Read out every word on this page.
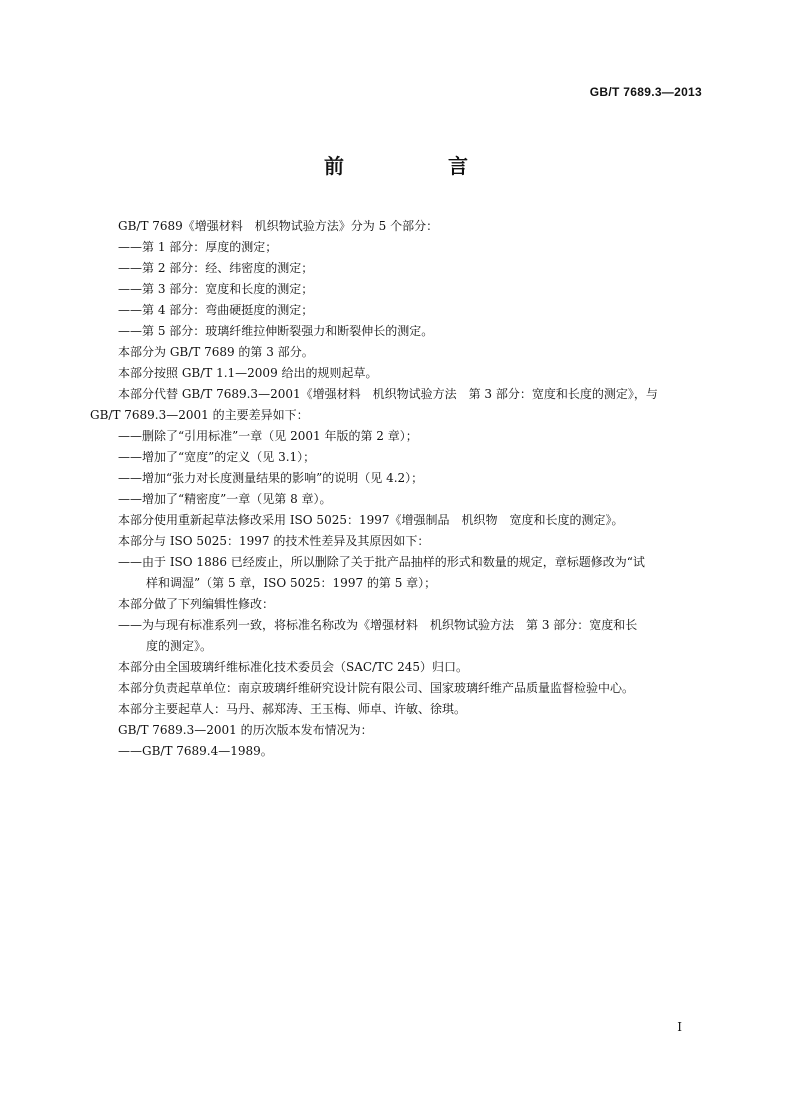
GB/T 7689.3—2013
前　言
GB/T 7689《增强材料　机织物试验方法》分为 5 个部分：
——第 1 部分：厚度的测定；
——第 2 部分：经、纬密度的测定；
——第 3 部分：宽度和长度的测定；
——第 4 部分：弯曲硬挺度的测定；
——第 5 部分：玻璃纤维拉伸断裂强力和断裂伸长的测定。
本部分为 GB/T 7689 的第 3 部分。
本部分按照 GB/T 1.1—2009 给出的规则起草。
本部分代替 GB/T 7689.3—2001《增强材料　机织物试验方法　第 3 部分：宽度和长度的测定》，与
GB/T 7689.3—2001 的主要差异如下：
——删除了“引用标准”一章（见 2001 年版的第 2 章）；
——增加了“宽度”的定义（见 3.1）；
——增加“张力对长度测量结果的影响”的说明（见 4.2）；
——增加了“精密度”一章（见第 8 章）。
本部分使用重新起草法修改采用 ISO 5025：1997《增强制品　机织物　宽度和长度的测定》。
本部分与 ISO 5025：1997 的技术性差异及其原因如下：
——由于 ISO 1886 已经废止，所以删除了关于批产品抽样的形式和数量的规定，章标题修改为“试
样和调湿”（第 5 章，ISO 5025：1997 的第 5 章）；
本部分做了下列编辑性修改：
——为与现有标准系列一致，将标准名称改为《增强材料　机织物试验方法　第 3 部分：宽度和长
度的测定》。
本部分由全国玻璃纤维标准化技术委员会（SAC/TC 245）归口。
本部分负责起草单位：南京玻璃纤维研究设计院有限公司、国家玻璃纤维产品质量监督检验中心。
本部分主要起草人：马丹、郝郑涛、王玉梅、师卓、许敏、徐琪。
GB/T 7689.3—2001 的历次版本发布情况为：
——GB/T 7689.4—1989。
I
